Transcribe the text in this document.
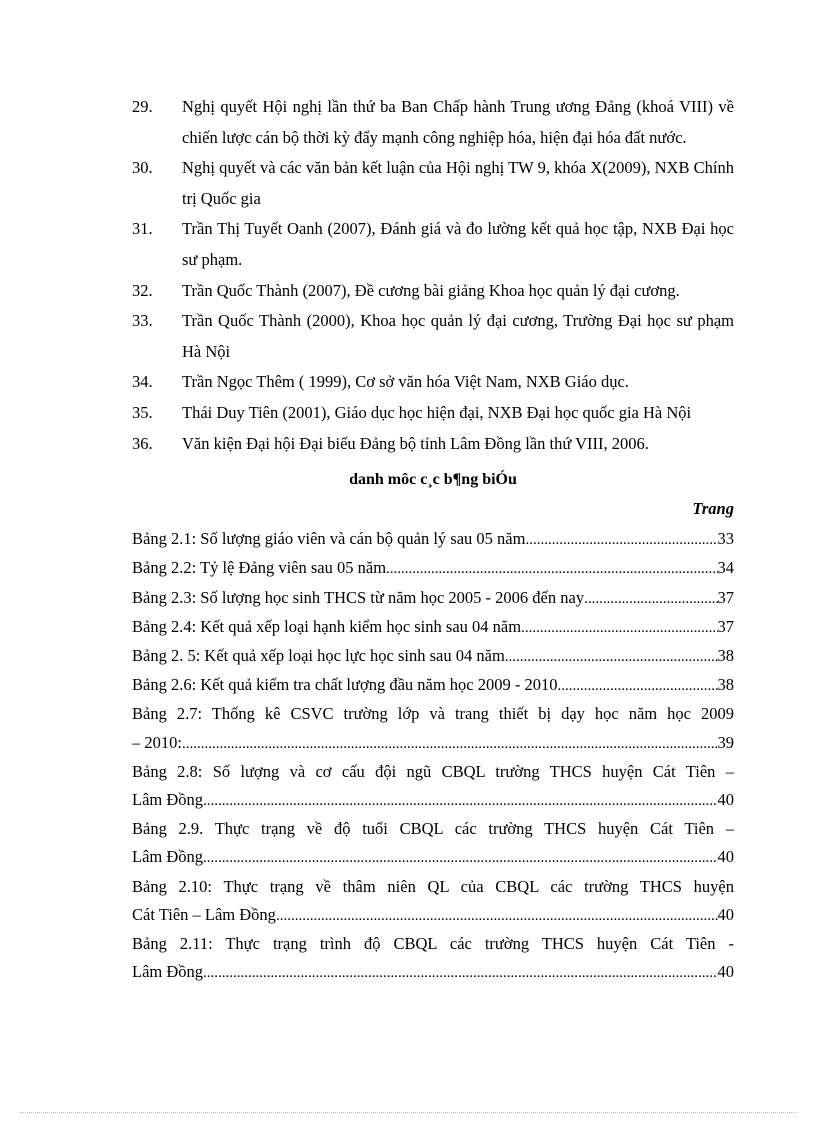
29.	Nghị quyết Hội nghị lần thứ ba Ban Chấp hành Trung ương Đảng (khoá VIII) về chiến lược cán bộ thời kỳ đẩy mạnh công nghiệp hóa, hiện đại hóa đất nước.
30.	Nghị quyết và các văn bản kết luận của Hội nghị TW 9, khóa X(2009), NXB Chính trị Quốc gia
31.	Trần Thị Tuyết Oanh (2007), Đánh giá và đo lường kết quả học tập, NXB Đại học sư phạm.
32.	Trần Quốc Thành (2007), Đề cương bài giảng Khoa học quản lý đại cương.
33.	Trần Quốc Thành (2000), Khoa học quản lý đại cương, Trường Đại học sư phạm Hà Nội
34.	Trần Ngọc Thêm ( 1999), Cơ sở văn hóa Việt Nam, NXB Giáo dục.
35.	Thái Duy Tiên (2001), Giáo dục học hiện đại, NXB Đại học quốc gia Hà Nội
36.	Văn kiện Đại hội Đại biểu Đảng bộ tỉnh Lâm Đồng lần thứ VIII, 2006.
danh môc c¸c b¶ng biÓu
Trang
Bảng 2.1: Số lượng giáo viên và cán bộ quản lý sau 05 năm .....	33
Bảng 2.2: Tỷ lệ Đảng viên sau 05 năm .....	34
Bảng 2.3: Số lượng học sinh THCS từ năm học 2005 - 2006 đến nay .....	37
Bảng 2.4: Kết quả xếp loại hạnh kiểm học sinh sau 04 năm .....	37
Bảng 2. 5: Kết quả xếp loại học lực học sinh sau 04 năm .....	38
Bảng 2.6: Kết quả kiểm tra chất lượng đầu năm học 2009 - 2010 .....	38
Bảng 2.7: Thống kê CSVC trường lớp và trang thiết bị dạy học năm học 2009
– 2010: .....	39
Bảng 2.8: Số lượng và cơ cấu đội ngũ CBQL trường THCS huyện Cát Tiên –
Lâm Đồng .....	40
Bảng 2.9. Thực trạng về độ tuổi CBQL các trường THCS huyện Cát Tiên –
Lâm Đồng .....	40
Bảng 2.10: Thực trạng về thâm niên QL của CBQL các trường THCS huyện
Cát Tiên – Lâm Đồng .....	40
Bảng 2.11: Thực trạng trình độ CBQL các trường THCS huyện Cát Tiên -
Lâm Đồng .....	40
